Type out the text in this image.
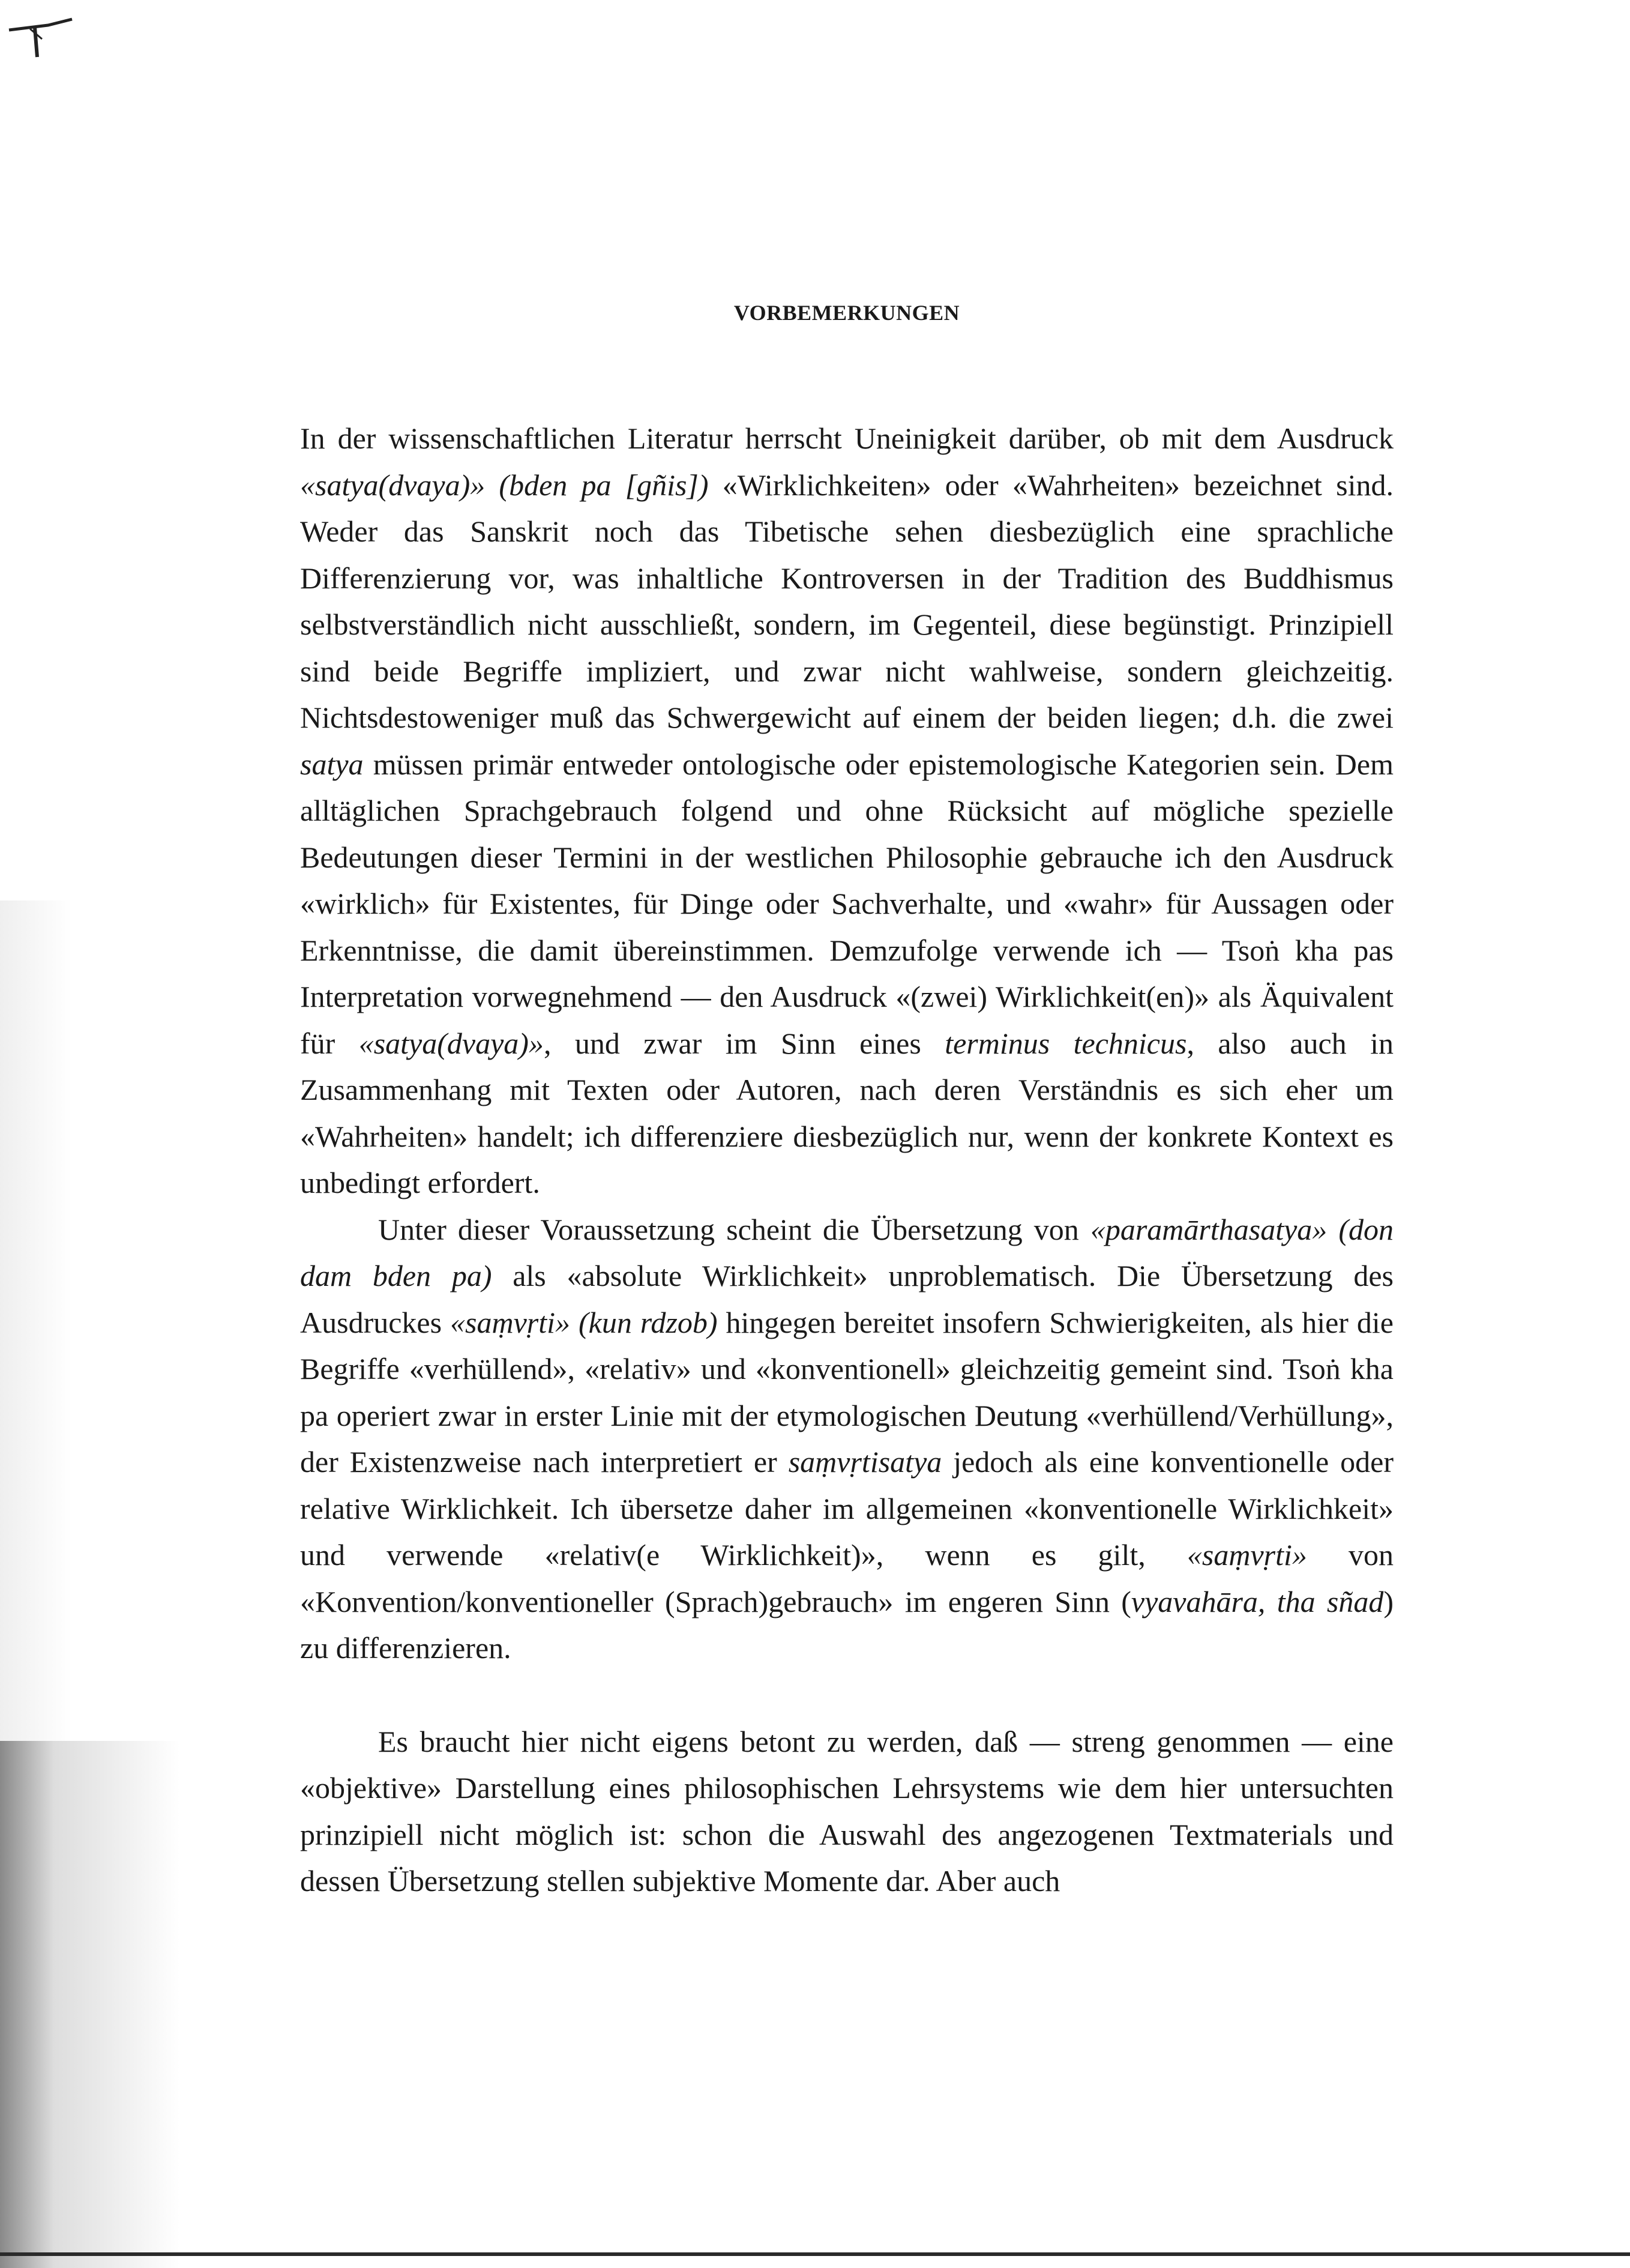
VORBEMERKUNGEN

In der wissenschaftlichen Literatur herrscht Uneinigkeit darüber, ob mit dem Ausdruck «satya(dvaya)» (bden pa [gñis]) «Wirklichkeiten» oder «Wahrheiten» bezeichnet sind. Weder das Sanskrit noch das Tibetische sehen diesbezüglich eine sprachliche Differenzierung vor, was inhaltliche Kontroversen in der Tradition des Buddhismus selbstverständlich nicht ausschließt, sondern, im Gegenteil, diese begünstigt. Prinzipiell sind beide Begriffe impliziert, und zwar nicht wahlweise, sondern gleichzeitig. Nichtsdestoweniger muß das Schwergewicht auf einem der beiden liegen; d.h. die zwei satya müssen primär entweder ontologische oder epistemologische Kategorien sein. Dem alltäglichen Sprachgebrauch folgend und ohne Rücksicht auf mögliche spezielle Bedeutungen dieser Termini in der westlichen Philosophie gebrauche ich den Ausdruck «wirklich» für Existentes, für Dinge oder Sachverhalte, und «wahr» für Aussagen oder Erkenntnisse, die damit übereinstimmen. Demzufolge verwende ich — Tsoṅ kha pas Interpretation vorwegnehmend — den Ausdruck «(zwei) Wirklichkeit(en)» als Äquivalent für «satya(dvaya)», und zwar im Sinn eines terminus technicus, also auch in Zusammenhang mit Texten oder Autoren, nach deren Verständnis es sich eher um «Wahrheiten» handelt; ich differenziere diesbezüglich nur, wenn der konkrete Kontext es unbedingt erfordert.

Unter dieser Voraussetzung scheint die Übersetzung von «paramārthasatya» (don dam bden pa) als «absolute Wirklichkeit» unproblematisch. Die Übersetzung des Ausdruckes «saṃvṛti» (kun rdzob) hingegen bereitet insofern Schwierigkeiten, als hier die Begriffe «verhüllend», «relativ» und «konventionell» gleichzeitig gemeint sind. Tsoṅ kha pa operiert zwar in erster Linie mit der etymologischen Deutung «verhüllend/Verhüllung», der Existenzweise nach interpretiert er saṃvṛtisatya jedoch als eine konventionelle oder relative Wirklichkeit. Ich übersetze daher im allgemeinen «konventionelle Wirklichkeit» und verwende «relativ(e Wirklichkeit)», wenn es gilt, «saṃvṛti» von «Konvention/konventioneller (Sprach)gebrauch» im engeren Sinn (vyavahāra, tha sñad) zu differenzieren.

Es braucht hier nicht eigens betont zu werden, daß — streng genommen — eine «objektive» Darstellung eines philosophischen Lehrsystems wie dem hier untersuchten prinzipiell nicht möglich ist: schon die Auswahl des angezogenen Textmaterials und dessen Übersetzung stellen subjektive Momente dar. Aber auch
